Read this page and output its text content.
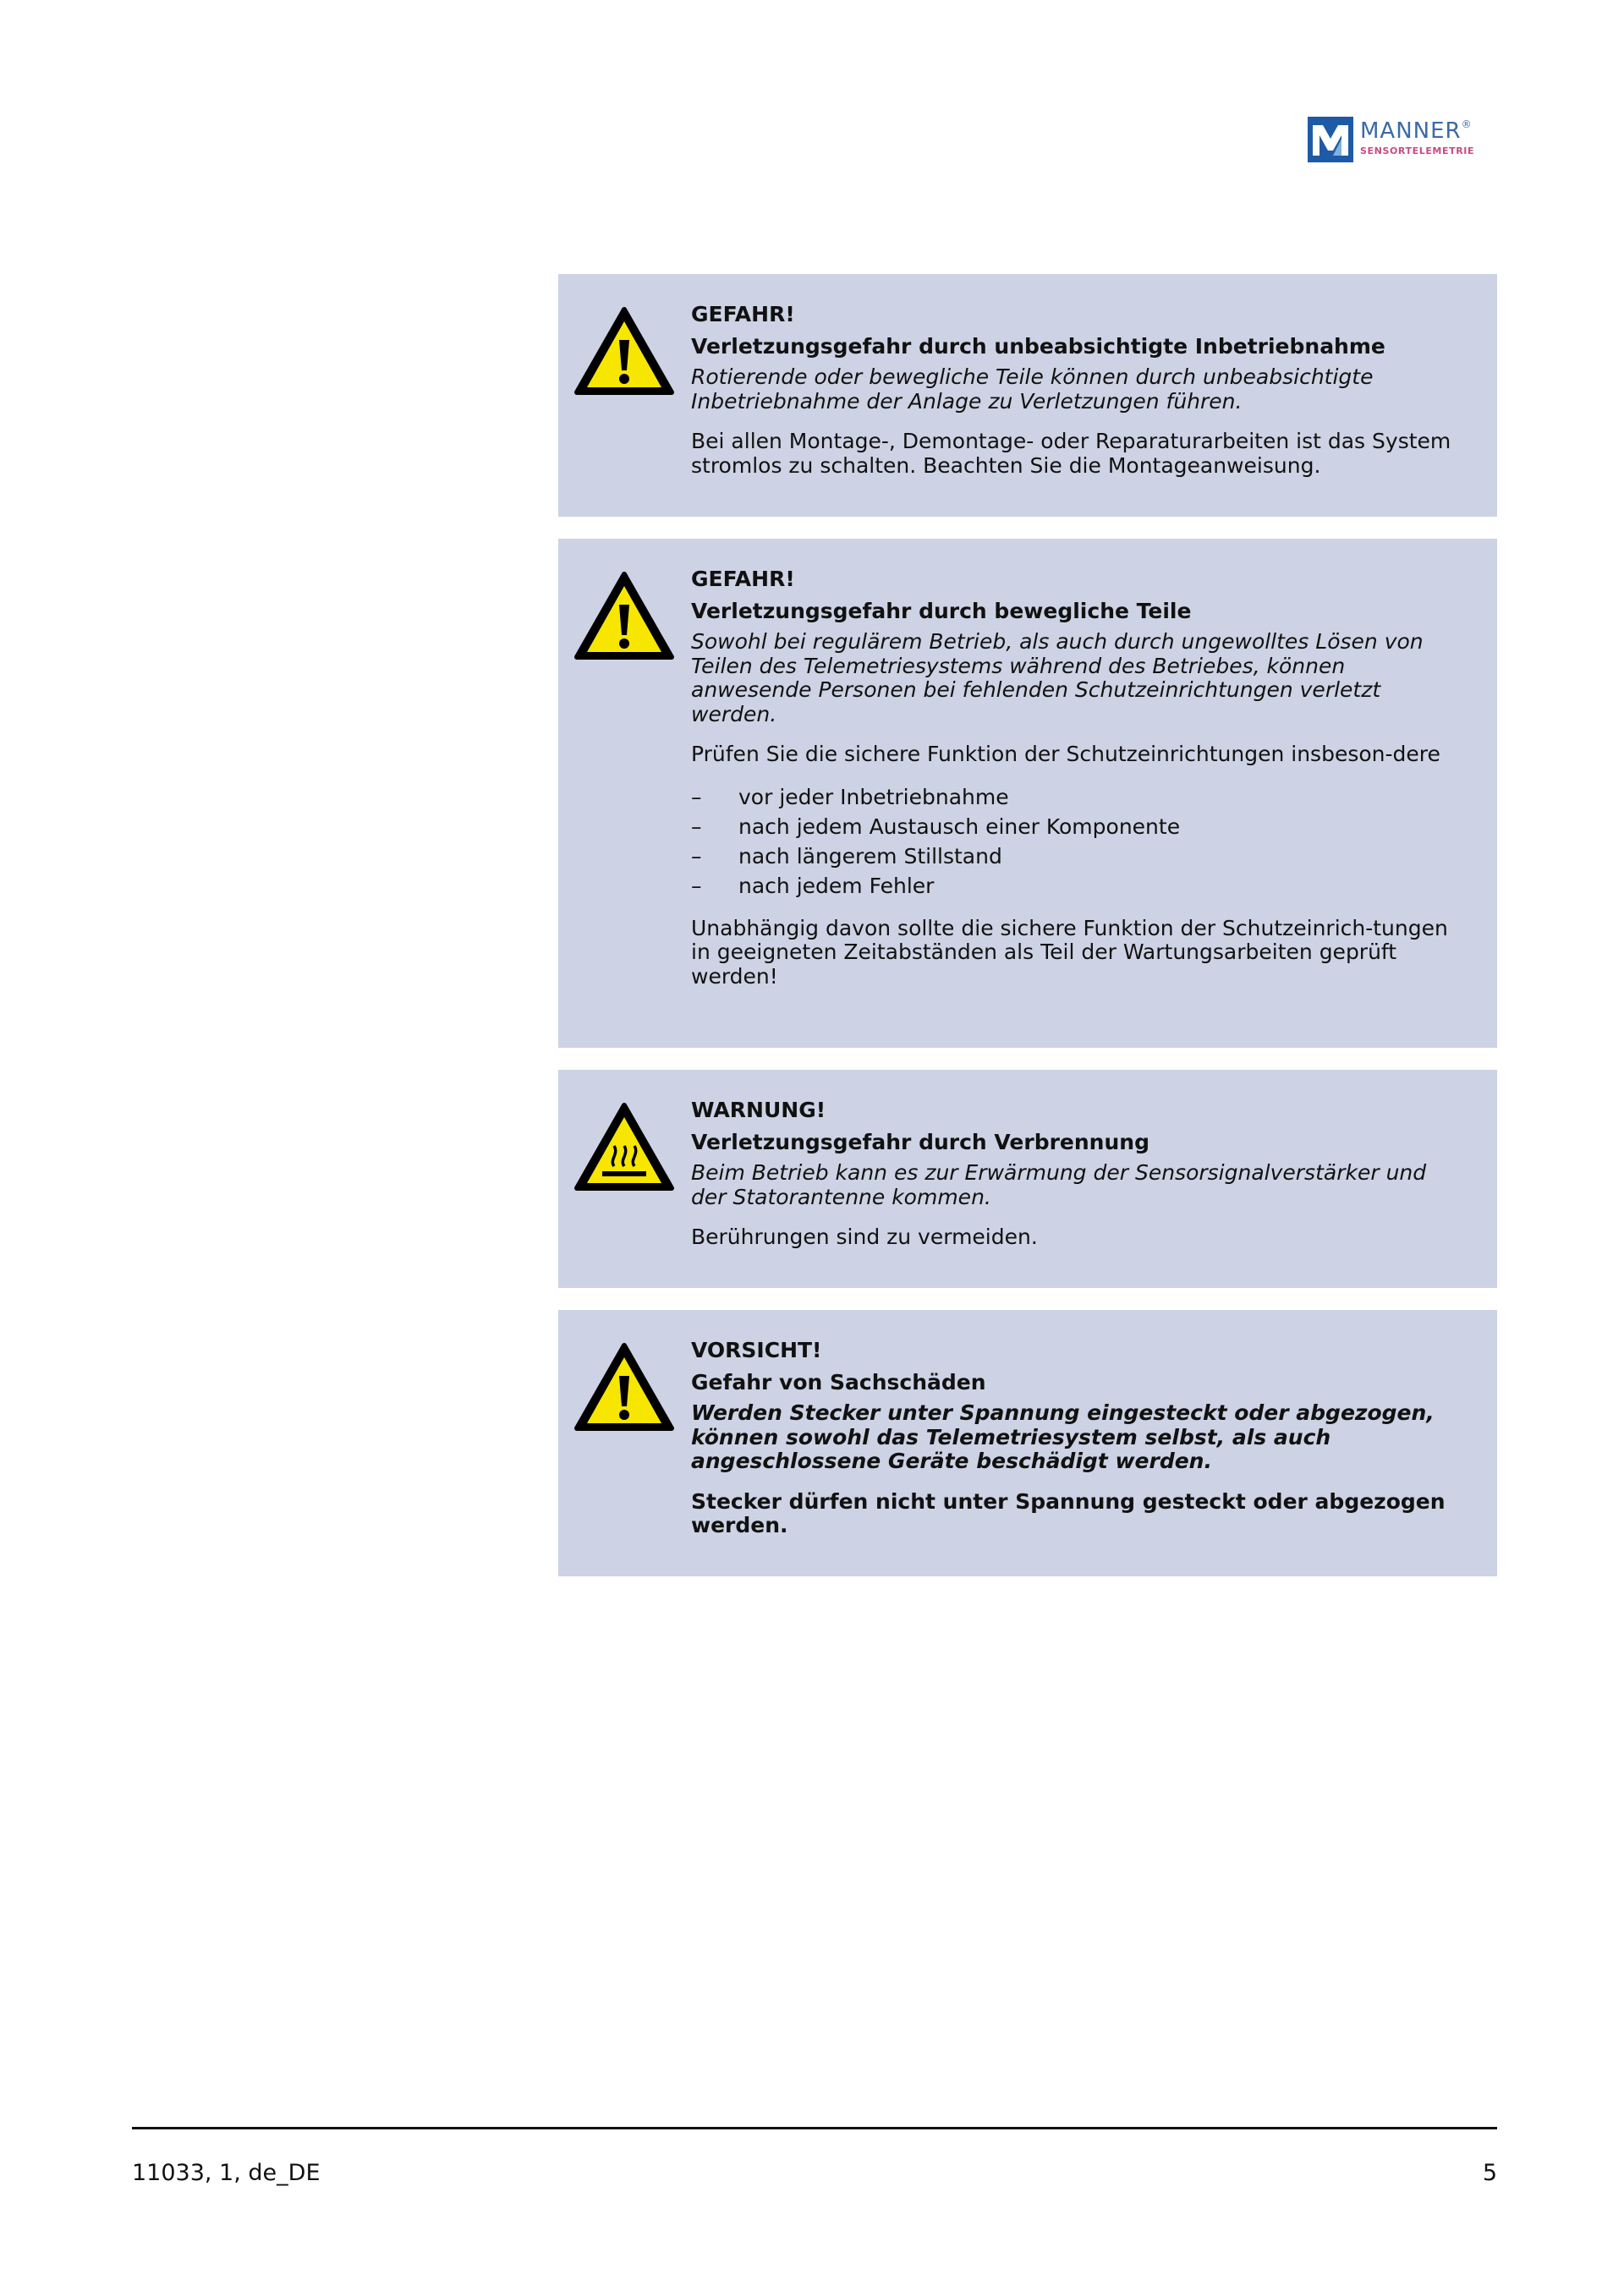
MANNER®
SENSORTELEMETRIE

GEFAHR!

Verletzungsgefahr durch unbeabsichtigte Inbetriebnahme

Rotierende oder bewegliche Teile können durch unbeabsichtigte Inbetriebnahme der Anlage zu Verletzungen führen.

Bei allen Montage-, Demontage- oder Reparaturarbeiten ist das System stromlos zu schalten. Beachten Sie die Montageanweisung.

GEFAHR!

Verletzungsgefahr durch bewegliche Teile

Sowohl bei regulärem Betrieb, als auch durch ungewolltes Lösen von Teilen des Telemetriesystems während des Betriebes, können anwesende Personen bei fehlenden Schutzeinrichtungen verletzt werden.

Prüfen Sie die sichere Funktion der Schutzeinrichtungen insbeson-dere

– vor jeder Inbetriebnahme
– nach jedem Austausch einer Komponente
– nach längerem Stillstand
– nach jedem Fehler

Unabhängig davon sollte die sichere Funktion der Schutzeinrich-tungen in geeigneten Zeitabständen als Teil der Wartungsarbeiten geprüft werden!

WARNUNG!

Verletzungsgefahr durch Verbrennung

Beim Betrieb kann es zur Erwärmung der Sensorsignalverstärker und der Statorantenne kommen.

Berührungen sind zu vermeiden.

VORSICHT!

Gefahr von Sachschäden

Werden Stecker unter Spannung eingesteckt oder abgezogen, können sowohl das Telemetriesystem selbst, als auch angeschlossene Geräte beschädigt werden.

Stecker dürfen nicht unter Spannung gesteckt oder abgezogen werden.

11033, 1, de_DE	5
